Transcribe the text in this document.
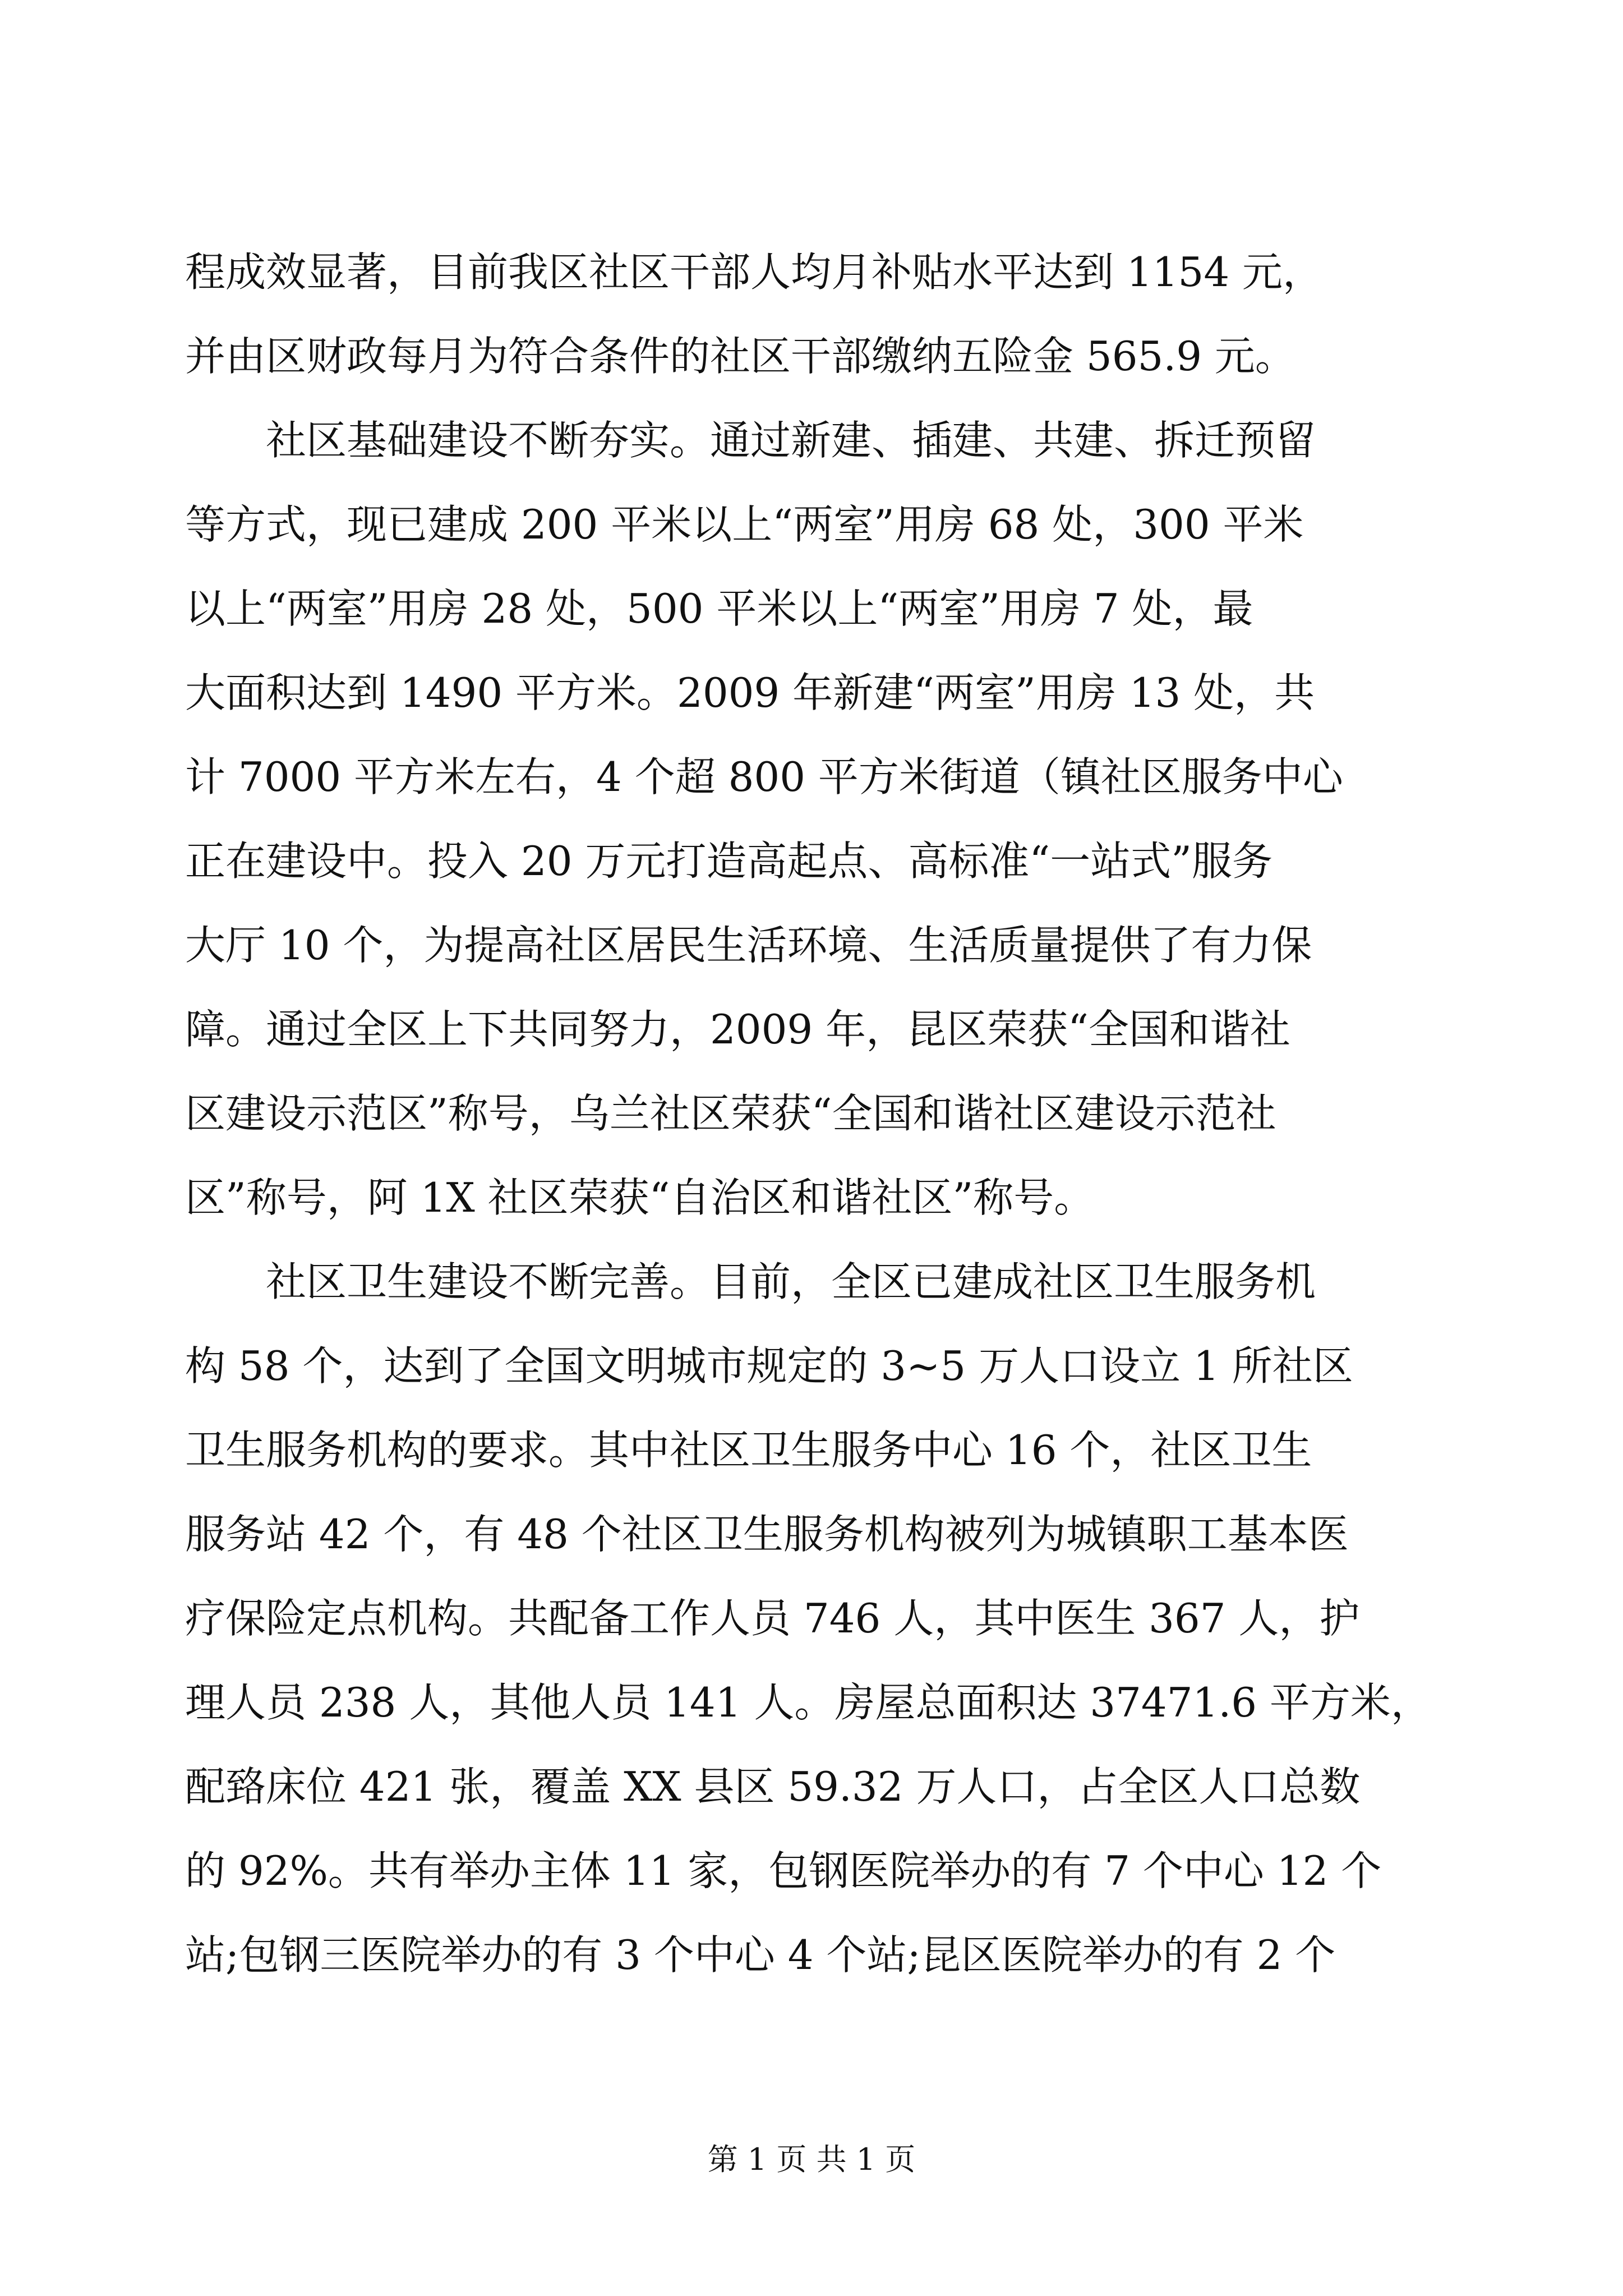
程成效显著，目前我区社区干部人均月补贴水平达到 1154 元，
并由区财政每月为符合条件的社区干部缴纳五险金 565.9 元。
　　社区基础建设不断夯实。通过新建、插建、共建、拆迁预留
等方式，现已建成 200 平米以上“两室”用房 68 处，300 平米
以上“两室”用房 28 处，500 平米以上“两室”用房 7 处，最
大面积达到 1490 平方米。2009 年新建“两室”用房 13 处，共
计 7000 平方米左右，4 个超 800 平方米街道（镇社区服务中心
正在建设中。投入 20 万元打造高起点、高标准“一站式”服务
大厅 10 个，为提高社区居民生活环境、生活质量提供了有力保
障。通过全区上下共同努力，2009 年，昆区荣获“全国和谐社
区建设示范区”称号，乌兰社区荣获“全国和谐社区建设示范社
区”称号，阿 1X 社区荣获“自治区和谐社区”称号。
　　社区卫生建设不断完善。目前，全区已建成社区卫生服务机
构 58 个，达到了全国文明城市规定的 3~5 万人口设立 1 所社区
卫生服务机构的要求。其中社区卫生服务中心 16 个，社区卫生
服务站 42 个，有 48 个社区卫生服务机构被列为城镇职工基本医
疗保险定点机构。共配备工作人员 746 人，其中医生 367 人，护
理人员 238 人，其他人员 141 人。房屋总面积达 37471.6 平方米，
配臵床位 421 张，覆盖 XX 县区 59.32 万人口，占全区人口总数
的 92%。共有举办主体 11 家，包钢医院举办的有 7 个中心 12 个
站;包钢三医院举办的有 3 个中心 4 个站;昆区医院举办的有 2 个
第 1 页 共 1 页
